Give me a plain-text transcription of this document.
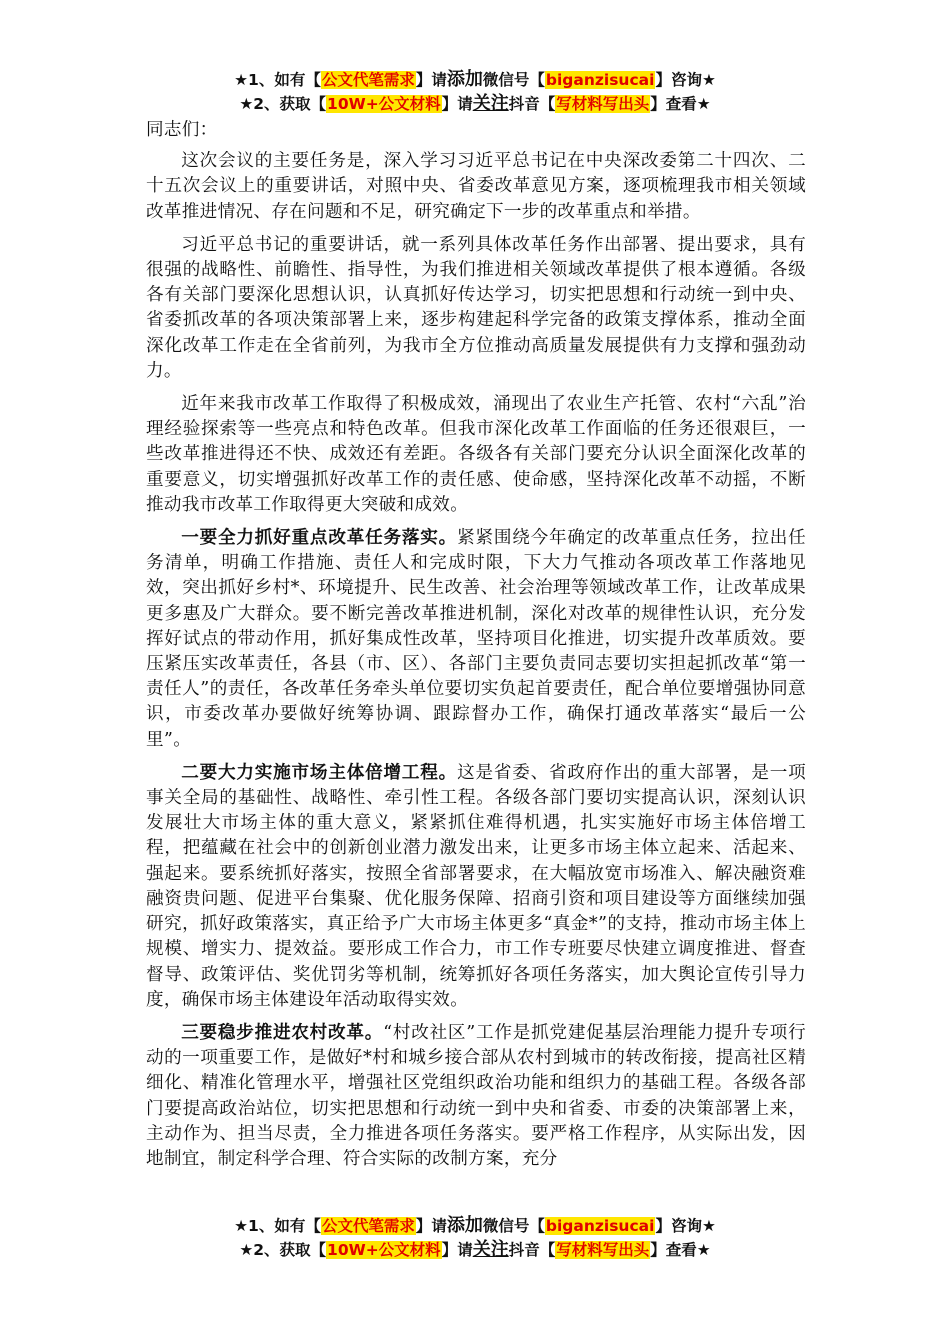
★1、如有【公文代笔需求】请添加微信号【biganzisucai】咨询★
★2、获取【10W+公文材料】请关注抖音【写材料写出头】查看★

同志们：

这次会议的主要任务是，深入学习习近平总书记在中央深改委第二十四次、二十五次会议上的重要讲话，对照中央、省委改革意见方案，逐项梳理我市相关领域改革推进情况、存在问题和不足，研究确定下一步的改革重点和举措。

习近平总书记的重要讲话，就一系列具体改革任务作出部署、提出要求，具有很强的战略性、前瞻性、指导性，为我们推进相关领域改革提供了根本遵循。各级各有关部门要深化思想认识，认真抓好传达学习，切实把思想和行动统一到中央、省委抓改革的各项决策部署上来，逐步构建起科学完备的政策支撑体系，推动全面深化改革工作走在全省前列，为我市全方位推动高质量发展提供有力支撑和强劲动力。

近年来我市改革工作取得了积极成效，涌现出了农业生产托管、农村“六乱”治理经验探索等一些亮点和特色改革。但我市深化改革工作面临的任务还很艰巨，一些改革推进得还不快、成效还有差距。各级各有关部门要充分认识全面深化改革的重要意义，切实增强抓好改革工作的责任感、使命感，坚持深化改革不动摇，不断推动我市改革工作取得更大突破和成效。

一要全力抓好重点改革任务落实。紧紧围绕今年确定的改革重点任务，拉出任务清单，明确工作措施、责任人和完成时限，下大力气推动各项改革工作落地见效，突出抓好乡村*、环境提升、民生改善、社会治理等领域改革工作，让改革成果更多惠及广大群众。要不断完善改革推进机制，深化对改革的规律性认识，充分发挥好试点的带动作用，抓好集成性改革，坚持项目化推进，切实提升改革质效。要压紧压实改革责任，各县（市、区）、各部门主要负责同志要切实担起抓改革“第一责任人”的责任，各改革任务牵头单位要切实负起首要责任，配合单位要增强协同意识，市委改革办要做好统筹协调、跟踪督办工作，确保打通改革落实“最后一公里”。

二要大力实施市场主体倍增工程。这是省委、省政府作出的重大部署，是一项事关全局的基础性、战略性、牵引性工程。各级各部门要切实提高认识，深刻认识发展壮大市场主体的重大意义，紧紧抓住难得机遇，扎实实施好市场主体倍增工程，把蕴藏在社会中的创新创业潜力激发出来，让更多市场主体立起来、活起来、强起来。要系统抓好落实，按照全省部署要求，在大幅放宽市场准入、解决融资难融资贵问题、促进平台集聚、优化服务保障、招商引资和项目建设等方面继续加强研究，抓好政策落实，真正给予广大市场主体更多“真金*”的支持，推动市场主体上规模、增实力、提效益。要形成工作合力，市工作专班要尽快建立调度推进、督查督导、政策评估、奖优罚劣等机制，统筹抓好各项任务落实，加大舆论宣传引导力度，确保市场主体建设年活动取得实效。

三要稳步推进农村改革。“村改社区”工作是抓党建促基层治理能力提升专项行动的一项重要工作，是做好*村和城乡接合部从农村到城市的转改衔接，提高社区精细化、精准化管理水平，增强社区党组织政治功能和组织力的基础工程。各级各部门要提高政治站位，切实把思想和行动统一到中央和省委、市委的决策部署上来，主动作为、担当尽责，全力推进各项任务落实。要严格工作程序，从实际出发，因地制宜，制定科学合理、符合实际的改制方案，充分

★1、如有【公文代笔需求】请添加微信号【biganzisucai】咨询★
★2、获取【10W+公文材料】请关注抖音【写材料写出头】查看★
